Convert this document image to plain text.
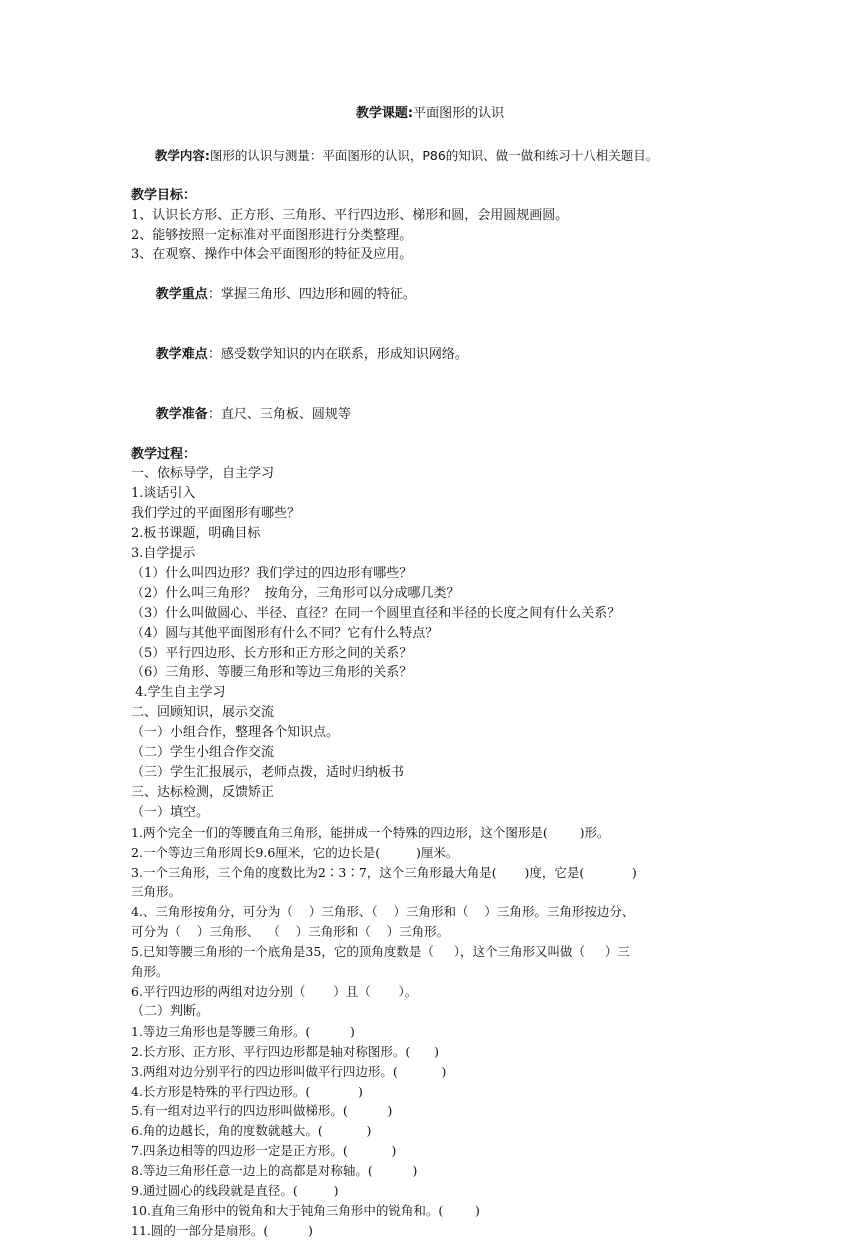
教学课题:平面图形的认识

教学内容:图形的认识与测量：平面图形的认识，P86的知识、做一做和练习十八相关题目。

教学目标：
1、认识长方形、正方形、三角形、平行四边形、梯形和圆，会用圆规画圆。
2、能够按照一定标准对平面图形进行分类整理。
3、在观察、操作中体会平面图形的特征及应用。

教学重点：掌握三角形、四边形和圆的特征。

教学难点：感受数学知识的内在联系，形成知识网络。

教学准备：直尺、三角板、圆规等

教学过程：
一、依标导学，自主学习
1.谈话引入
我们学过的平面图形有哪些？
2.板书课题，明确目标
3.自学提示
（1）什么叫四边形？我们学过的四边形有哪些？
（2）什么叫三角形？  按角分，三角形可以分成哪几类？
（3）什么叫做圆心、半径、直径？在同一个圆里直径和半径的长度之间有什么关系？
（4）圆与其他平面图形有什么不同？它有什么特点？
（5）平行四边形、长方形和正方形之间的关系？
（6）三角形、等腰三角形和等边三角形的关系？
4.学生自主学习
二、回顾知识，展示交流
（一）小组合作，整理各个知识点。
（二）学生小组合作交流
（三）学生汇报展示，老师点拨，适时归纳板书
三、达标检测，反馈矫正
（一）填空。
1.两个完全一们的等腰直角三角形，能拼成一个特殊的四边形，这个图形是(        )形。
2.一个等边三角形周长9.6厘米，它的边长是(         )厘米。
3.一个三角形，三个角的度数比为2∶3∶7，这个三角形最大角是(       )度，它是(            )
三角形。
4.、三角形按角分，可分为（    ）三角形、（    ）三角形和（    ）三角形。三角形按边分、
可分为（    ）三角形、  （    ）三角形和（    ）三角形。
5.已知等腰三角形的一个底角是35，它的顶角度数是（     ），这个三角形又叫做（     ）三
角形。
6.平行四边形的两组对边分别（       ）且（       ）。
（二）判断。
1.等边三角形也是等腰三角形。(          )
2.长方形、正方形、平行四边形都是轴对称图形。(      )
3.两组对边分别平行的四边形叫做平行四边形。(           )
4.长方形是特殊的平行四边形。(            )
5.有一组对边平行的四边形叫做梯形。(          )
6.角的边越长，角的度数就越大。(           )
7.四条边相等的四边形一定是正方形。(           )
8.等边三角形任意一边上的高都是对称轴。(          )
9.通过圆心的线段就是直径。(         )
10.直角三角形中的锐角和大于钝角三角形中的锐角和。(        )
11.圆的一部分是扇形。(          )
